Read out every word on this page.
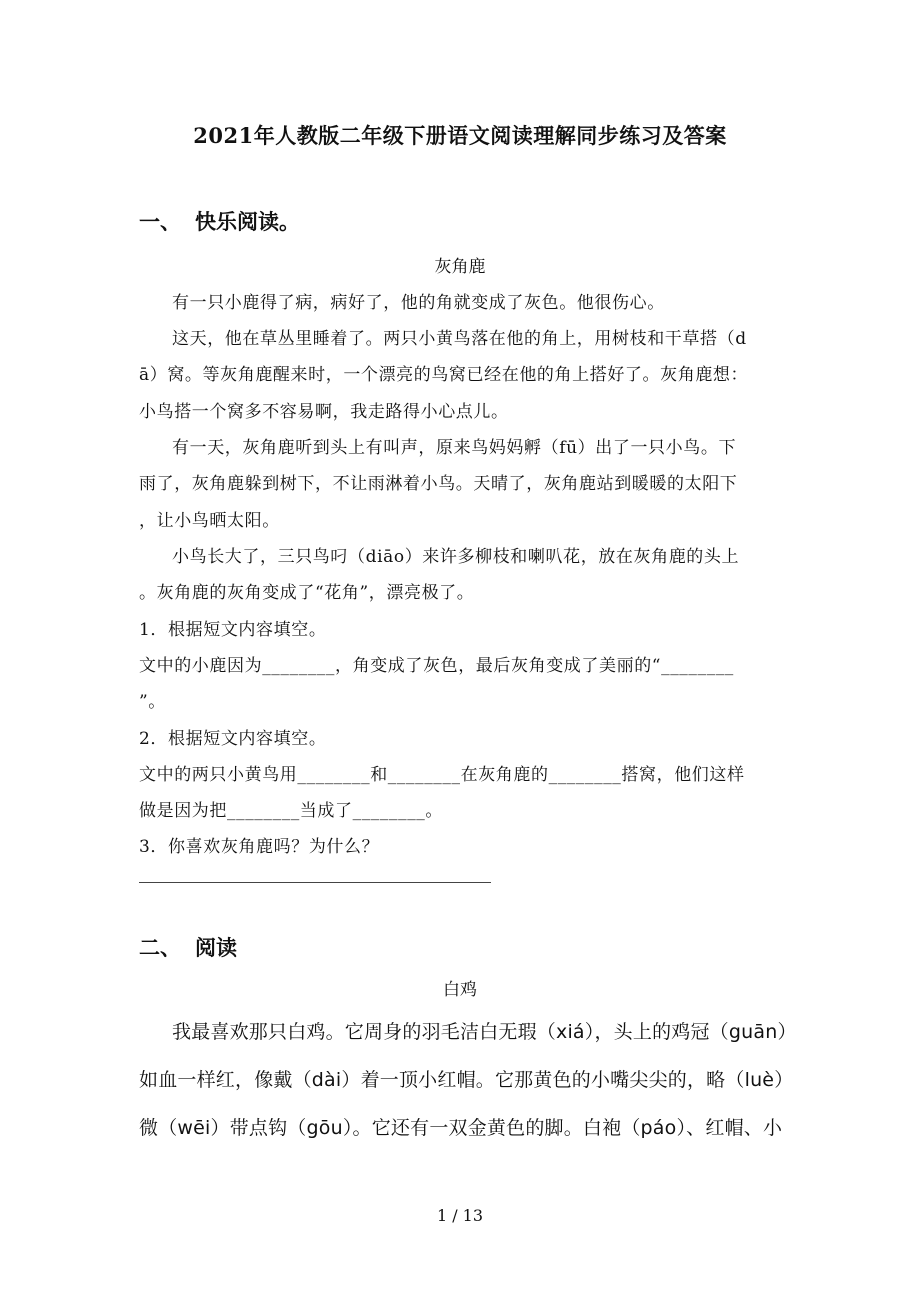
2021年人教版二年级下册语文阅读理解同步练习及答案
一、 快乐阅读。
灰角鹿
有一只小鹿得了病，病好了，他的角就变成了灰色。他很伤心。
这天，他在草丛里睡着了。两只小黄鸟落在他的角上，用树枝和干草搭（d
ā）窝。等灰角鹿醒来时，一个漂亮的鸟窝已经在他的角上搭好了。灰角鹿想：
小鸟搭一个窝多不容易啊，我走路得小心点儿。
有一天，灰角鹿听到头上有叫声，原来鸟妈妈孵（fū）出了一只小鸟。下
雨了，灰角鹿躲到树下，不让雨淋着小鸟。天晴了，灰角鹿站到暖暖的太阳下
，让小鸟晒太阳。
小鸟长大了，三只鸟叼（diāo）来许多柳枝和喇叭花，放在灰角鹿的头上
。灰角鹿的灰角变成了“花角”，漂亮极了。
1．根据短文内容填空。
文中的小鹿因为________，角变成了灰色，最后灰角变成了美丽的“________
”。
2．根据短文内容填空。
文中的两只小黄鸟用________和________在灰角鹿的________搭窝，他们这样
做是因为把________当成了________。
3．你喜欢灰角鹿吗？为什么？
二、 阅读
白鸡
我最喜欢那只白鸡。它周身的羽毛洁白无瑕（xiá），头上的鸡冠（guān）
如血一样红，像戴（dài）着一顶小红帽。它那黄色的小嘴尖尖的，略（luè）
微（wēi）带点钩（gōu）。它还有一双金黄色的脚。白袍（páo）、红帽、小
1 / 13
